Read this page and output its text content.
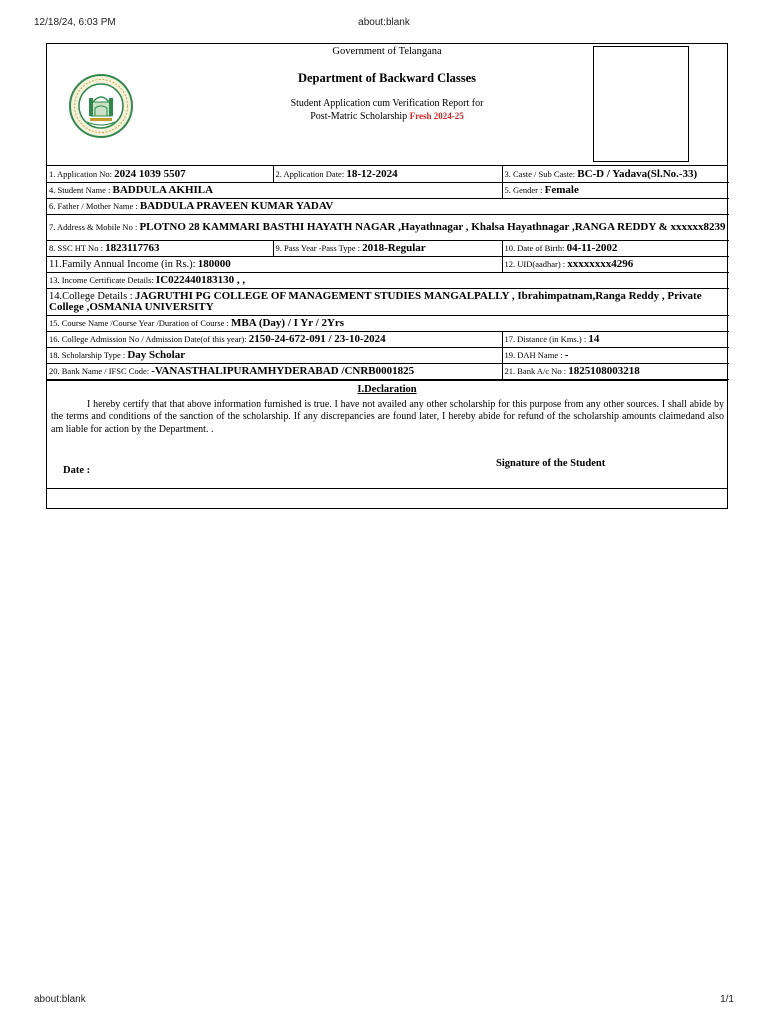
12/18/24, 6:03 PM	about:blank
Government of Telangana
Department of Backward Classes
Student Application cum Verification Report for
Post-Matric Scholarship Fresh 2024-25
1. Application No: 2024 1039 5507	2. Application Date: 18-12-2024	3. Caste / Sub Caste: BC-D / Yadava(Sl.No.-33)
4. Student Name : BADDULA AKHILA		5. Gender : Female
6. Father / Mother Name : BADDULA PRAVEEN KUMAR YADAV		
7. Address & Mobile No : PLOTNO 28 KAMMARI BASTHI HAYATH NAGAR ,Hayathnagar , Khalsa Hayathnagar ,RANGA REDDY & xxxxxx8239		
8. SSC HT No : 1823117763	9. Pass Year -Pass Type : 2018-Regular	10. Date of Birth: 04-11-2002
11.Family Annual Income (in Rs.): 180000		12. UID(aadhar) : xxxxxxxx4296
13. Income Certificate Details: IC022440183130 , ,		
14.College Details : JAGRUTHI PG COLLEGE OF MANAGEMENT STUDIES MANGALPALLY , Ibrahimpatnam,Ranga Reddy , Private College ,OSMANIA UNIVERSITY		
15. Course Name /Course Year /Duration of Course : MBA (Day) / I Yr / 2Yrs		
16. College Admission No / Admission Date(of this year): 2150-24-672-091 / 23-10-2024		17. Distance (in Kms.) : 14
18. Scholarship Type : Day Scholar		19. DAH Name : -
20. Bank Name / IFSC Code: -VANASTHALIPURAMHYDERABAD /CNRB0001825		21. Bank A/c No : 1825108003218
I.Declaration
I hereby certify that that above information furnished is true. I have not availed any other scholarship for this purpose from any other sources. I shall abide by the terms and conditions of the sanction of the scholarship. If any discrepancies are found later, I hereby abide for refund of the scholarship amounts claimedand also am liable for action by the Department. .
Signature of the Student
Date :
about:blank	1/1
